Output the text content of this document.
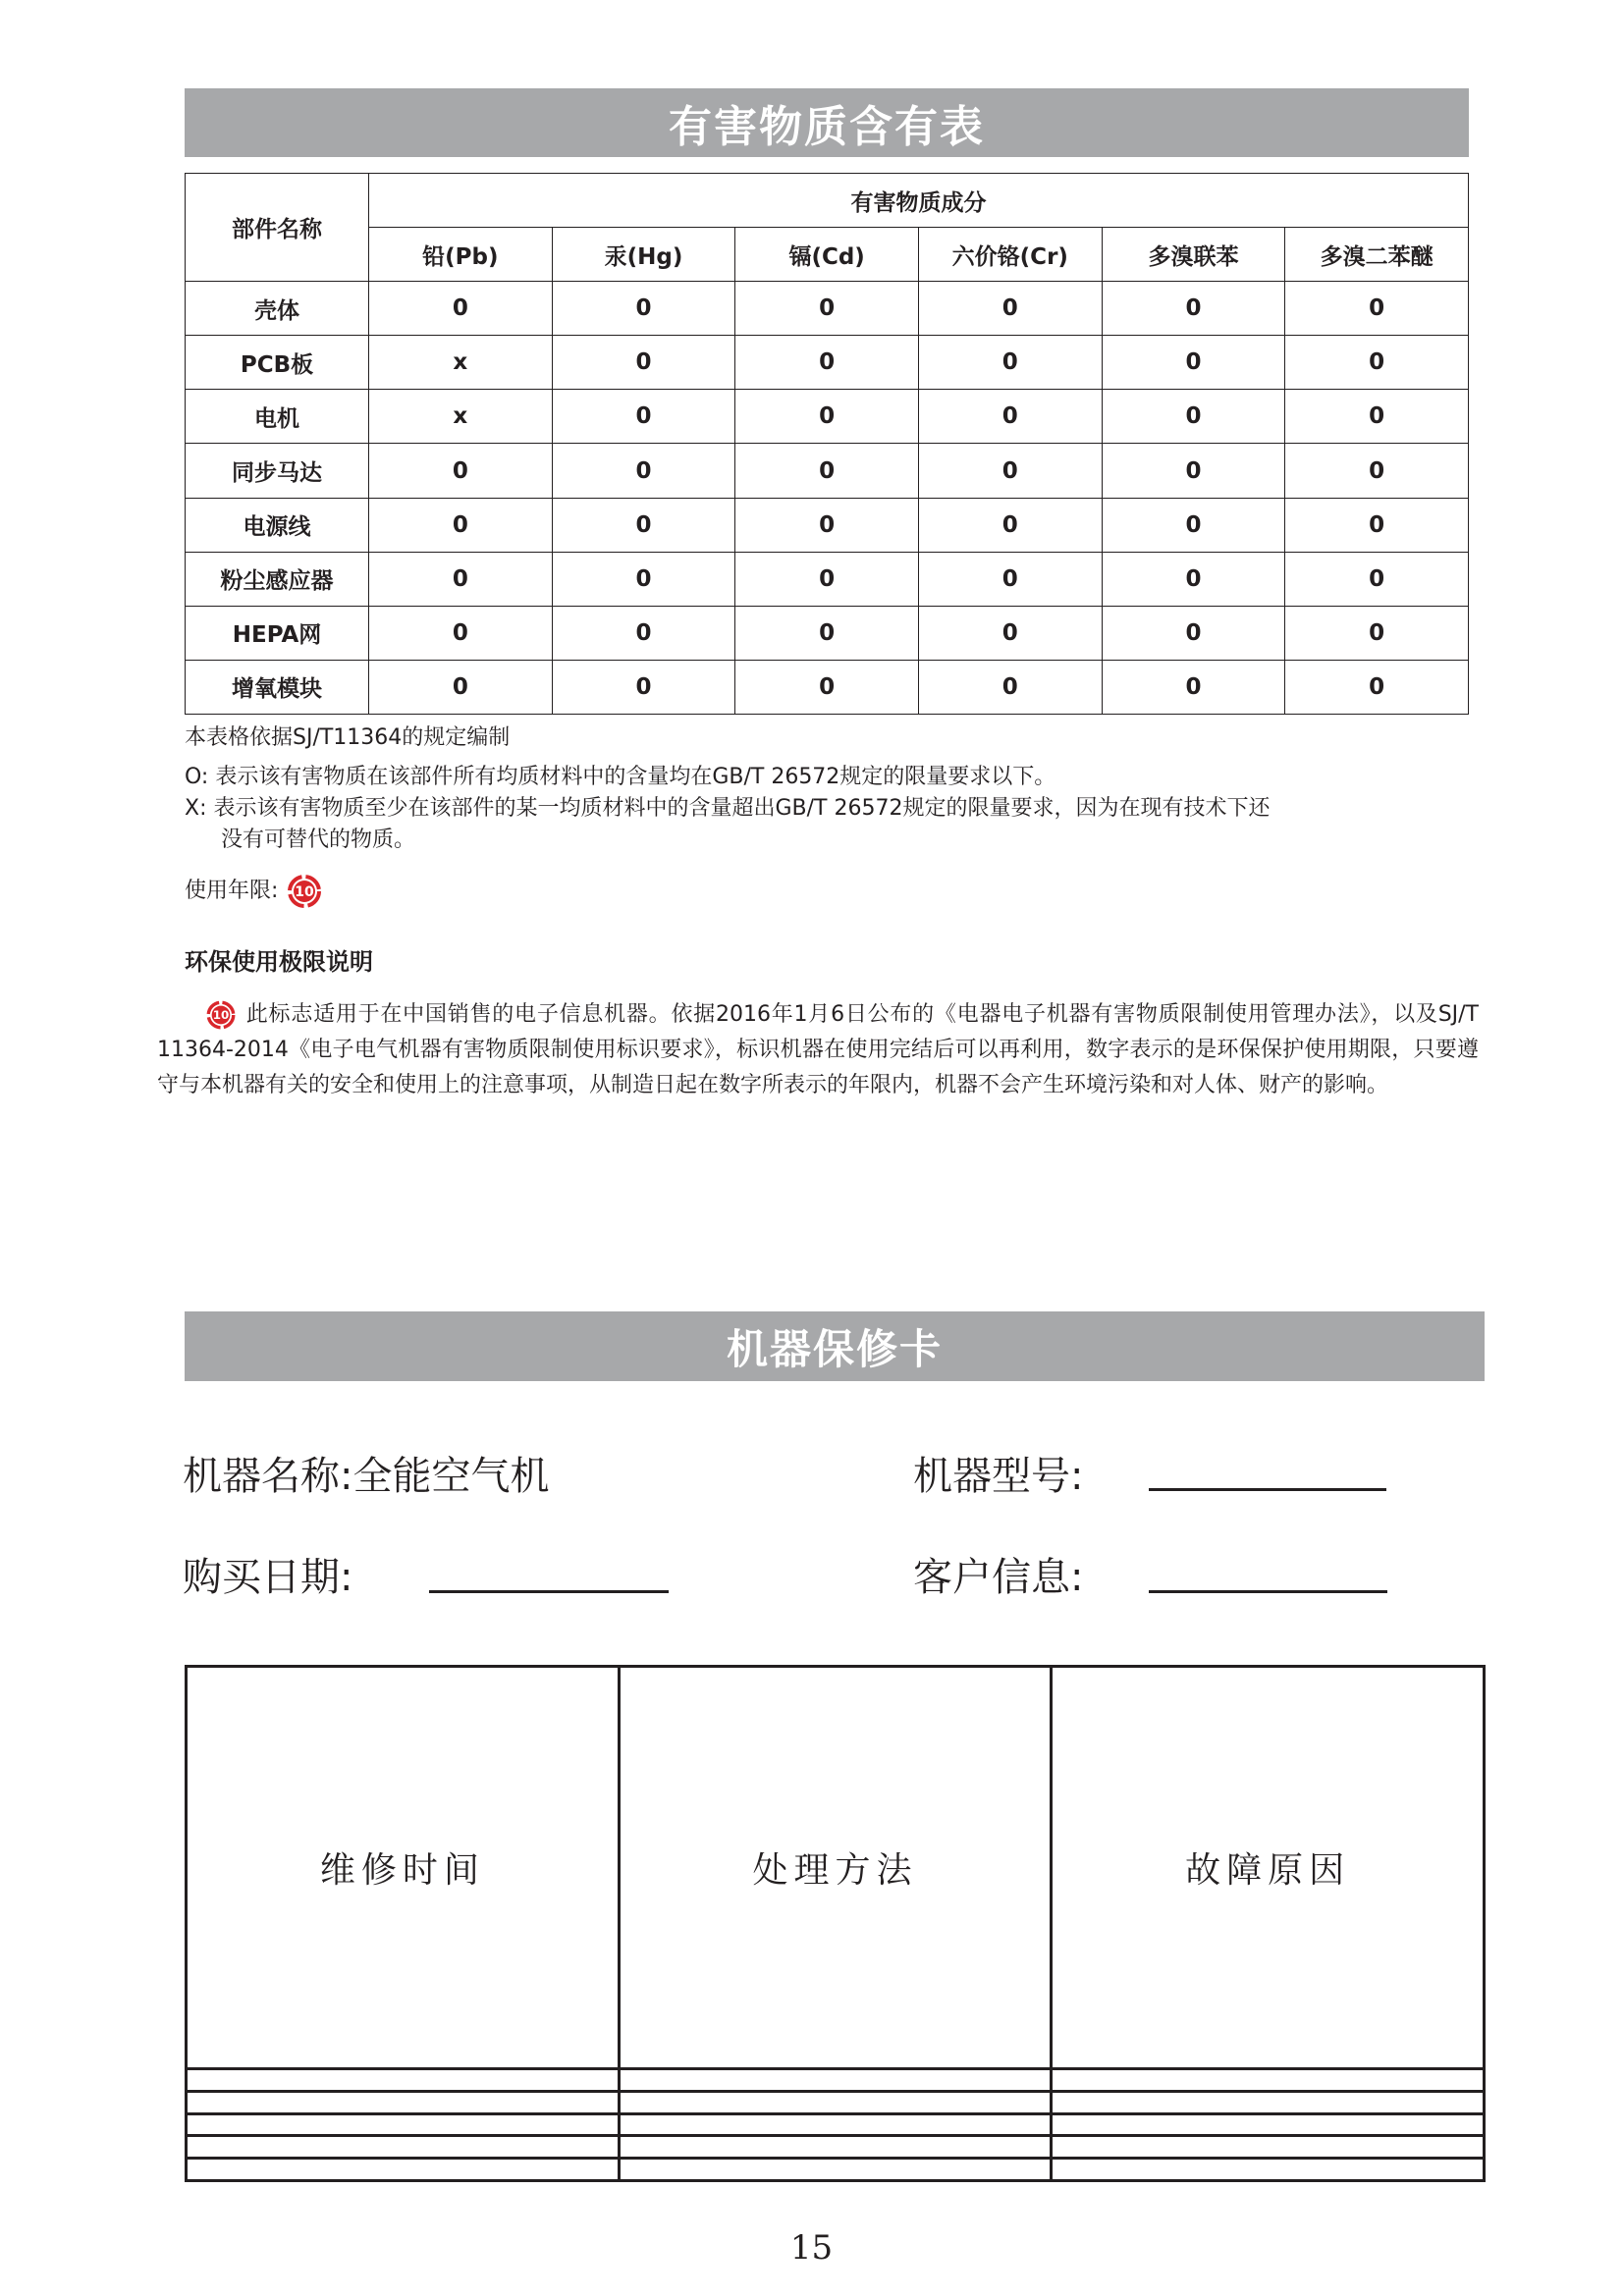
有害物质含有表
部件名称	有害物质成分					
	铅(Pb)	汞(Hg)	镉(Cd)	六价铬(Cr)	多溴联苯	多溴二苯醚
壳体	0	0	0	0	0	0
PCB板	x	0	0	0	0	0
电机	x	0	0	0	0	0
同步马达	0	0	0	0	0	0
电源线	0	0	0	0	0	0
粉尘感应器	0	0	0	0	0	0
HEPA网	0	0	0	0	0	0
增氧模块	0	0	0	0	0	0
本表格依据SJ/T11364的规定编制
O: 表示该有害物质在该部件所有均质材料中的含量均在GB/T 26572规定的限量要求以下。
X: 表示该有害物质至少在该部件的某一均质材料中的含量超出GB/T 26572规定的限量要求，因为在现有技术下还
没有可替代的物质。
使用年限: 10
环保使用极限说明
10 此标志适用于在中国销售的电子信息机器。依据2016年1月6日公布的《电器电子机器有害物质限制使用管理办法》，以及SJ/T 11364-2014《电子电气机器有害物质限制使用标识要求》，标识机器在使用完结后可以再利用，数字表示的是环保保护使用期限，只要遵守与本机器有关的安全和使用上的注意事项，从制造日起在数字所表示的年限内，机器不会产生环境污染和对人体、财产的影响。
机器保修卡
机器名称:全能空气机	机器型号:
购买日期:	客户信息:
维修时间	处理方法	故障原因

15
